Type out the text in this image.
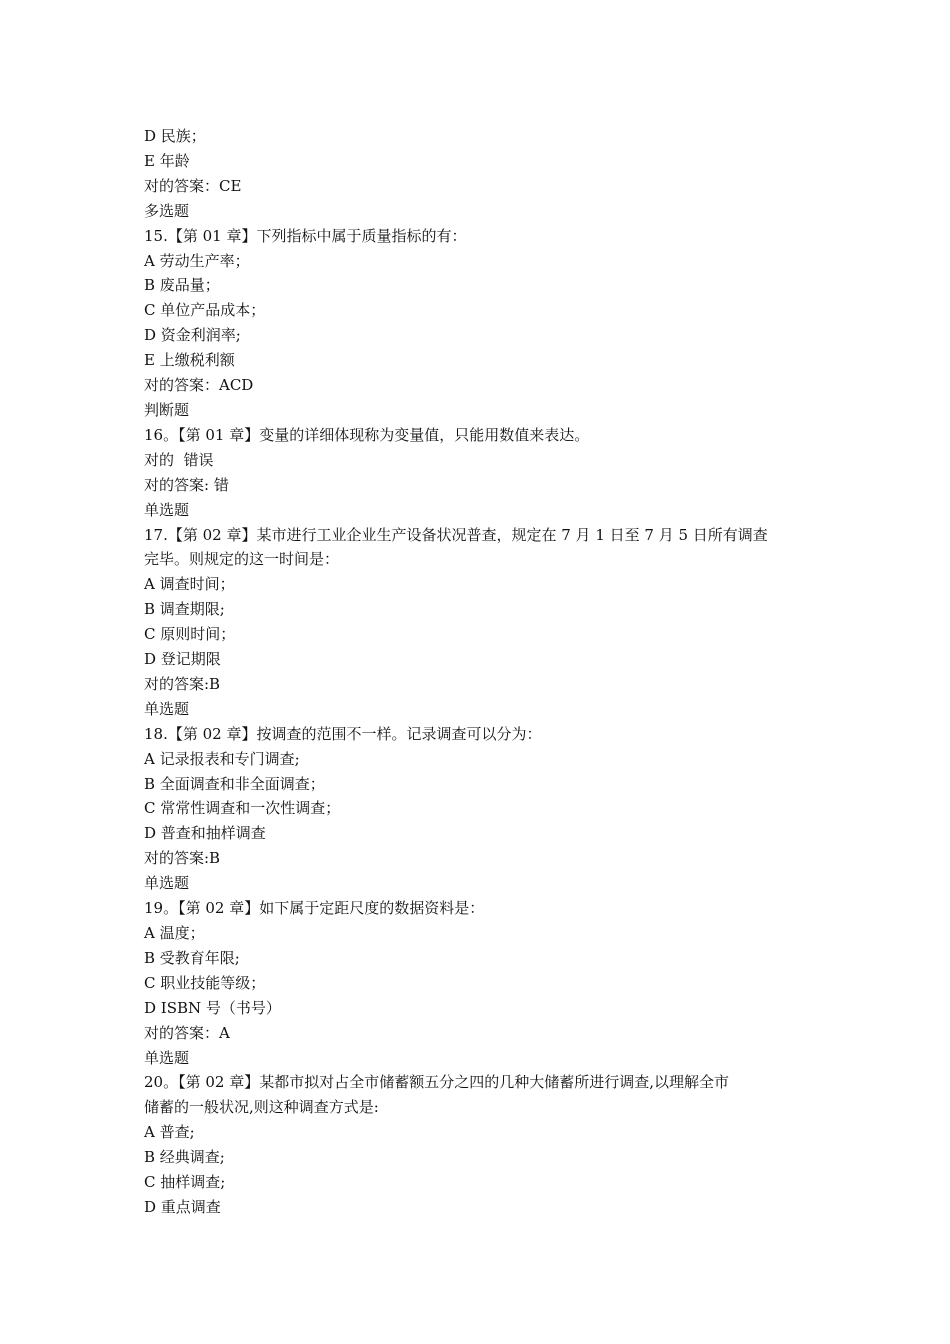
D 民族；
E 年龄
对的答案：CE
多选题
15.【第 01 章】下列指标中属于质量指标的有：
A 劳动生产率；
B 废品量；
C 单位产品成本；
D 资金利润率;
E 上缴税利额
对的答案：ACD
判断题
16。【第 01 章】变量的详细体现称为变量值，只能用数值来表达。
对的  错误
对的答案: 错
单选题
17.【第 02 章】某市进行工业企业生产设备状况普查，规定在 7 月 1 日至 7 月 5 日所有调查
完毕。则规定的这一时间是：
A 调查时间；
B 调查期限;
C 原则时间；
D 登记期限
对的答案:B
单选题
18.【第 02 章】按调查的范围不一样。记录调查可以分为：
A 记录报表和专门调查;
B 全面调查和非全面调查；
C 常常性调查和一次性调查；
D 普查和抽样调查
对的答案:B
单选题
19。【第 02 章】如下属于定距尺度的数据资料是：
A 温度；
B 受教育年限;
C 职业技能等级；
D ISBN 号（书号）
对的答案：A
单选题
20。【第 02 章】某都市拟对占全市储蓄额五分之四的几种大储蓄所进行调查,以理解全市
储蓄的一般状况,则这种调查方式是:
A 普查;
B 经典调查;
C 抽样调查;
D 重点调查
